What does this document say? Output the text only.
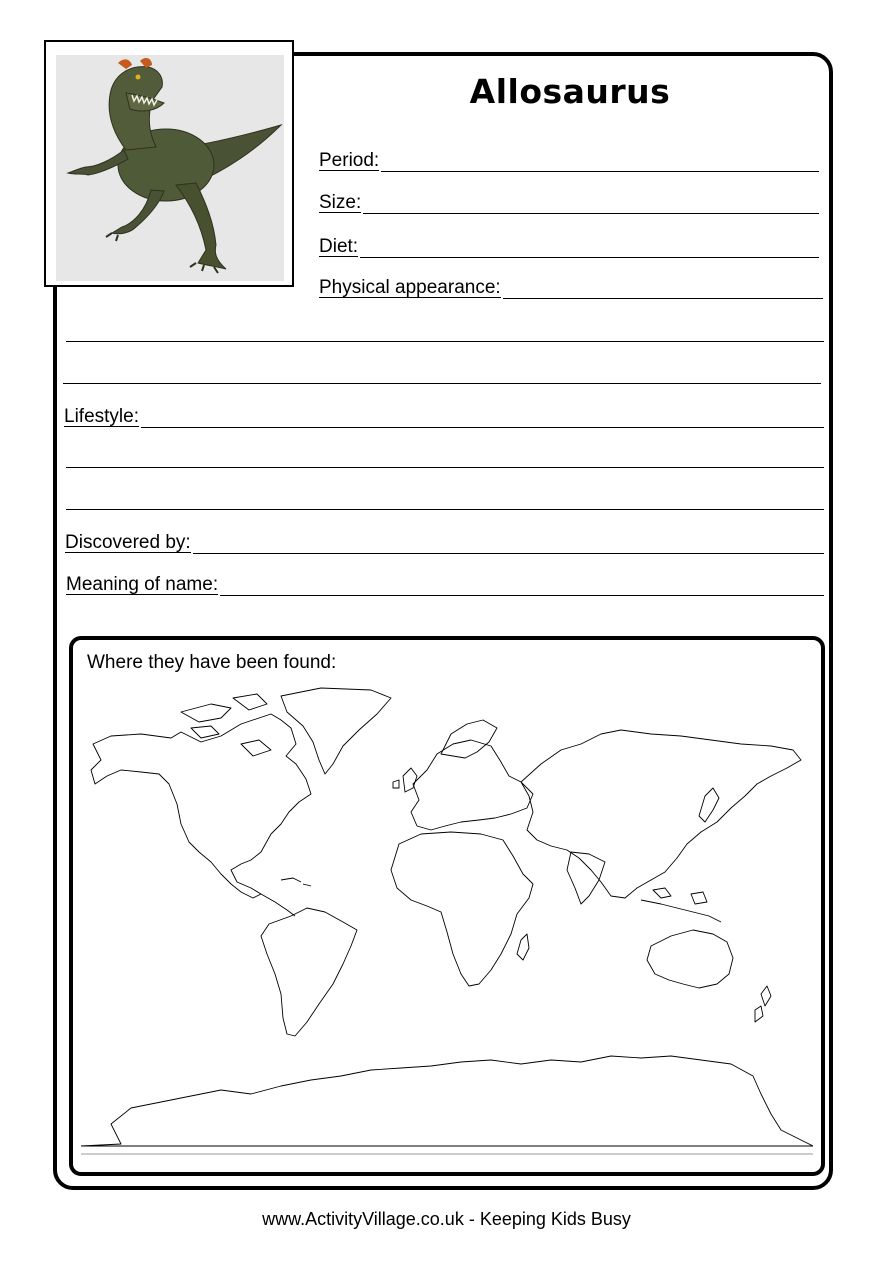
Allosaurus
Period:
Size:
Diet:
Physical appearance:
Lifestyle:
Discovered by:
Meaning of name:
Where they have been found:
www.ActivityVillage.co.uk - Keeping Kids Busy
